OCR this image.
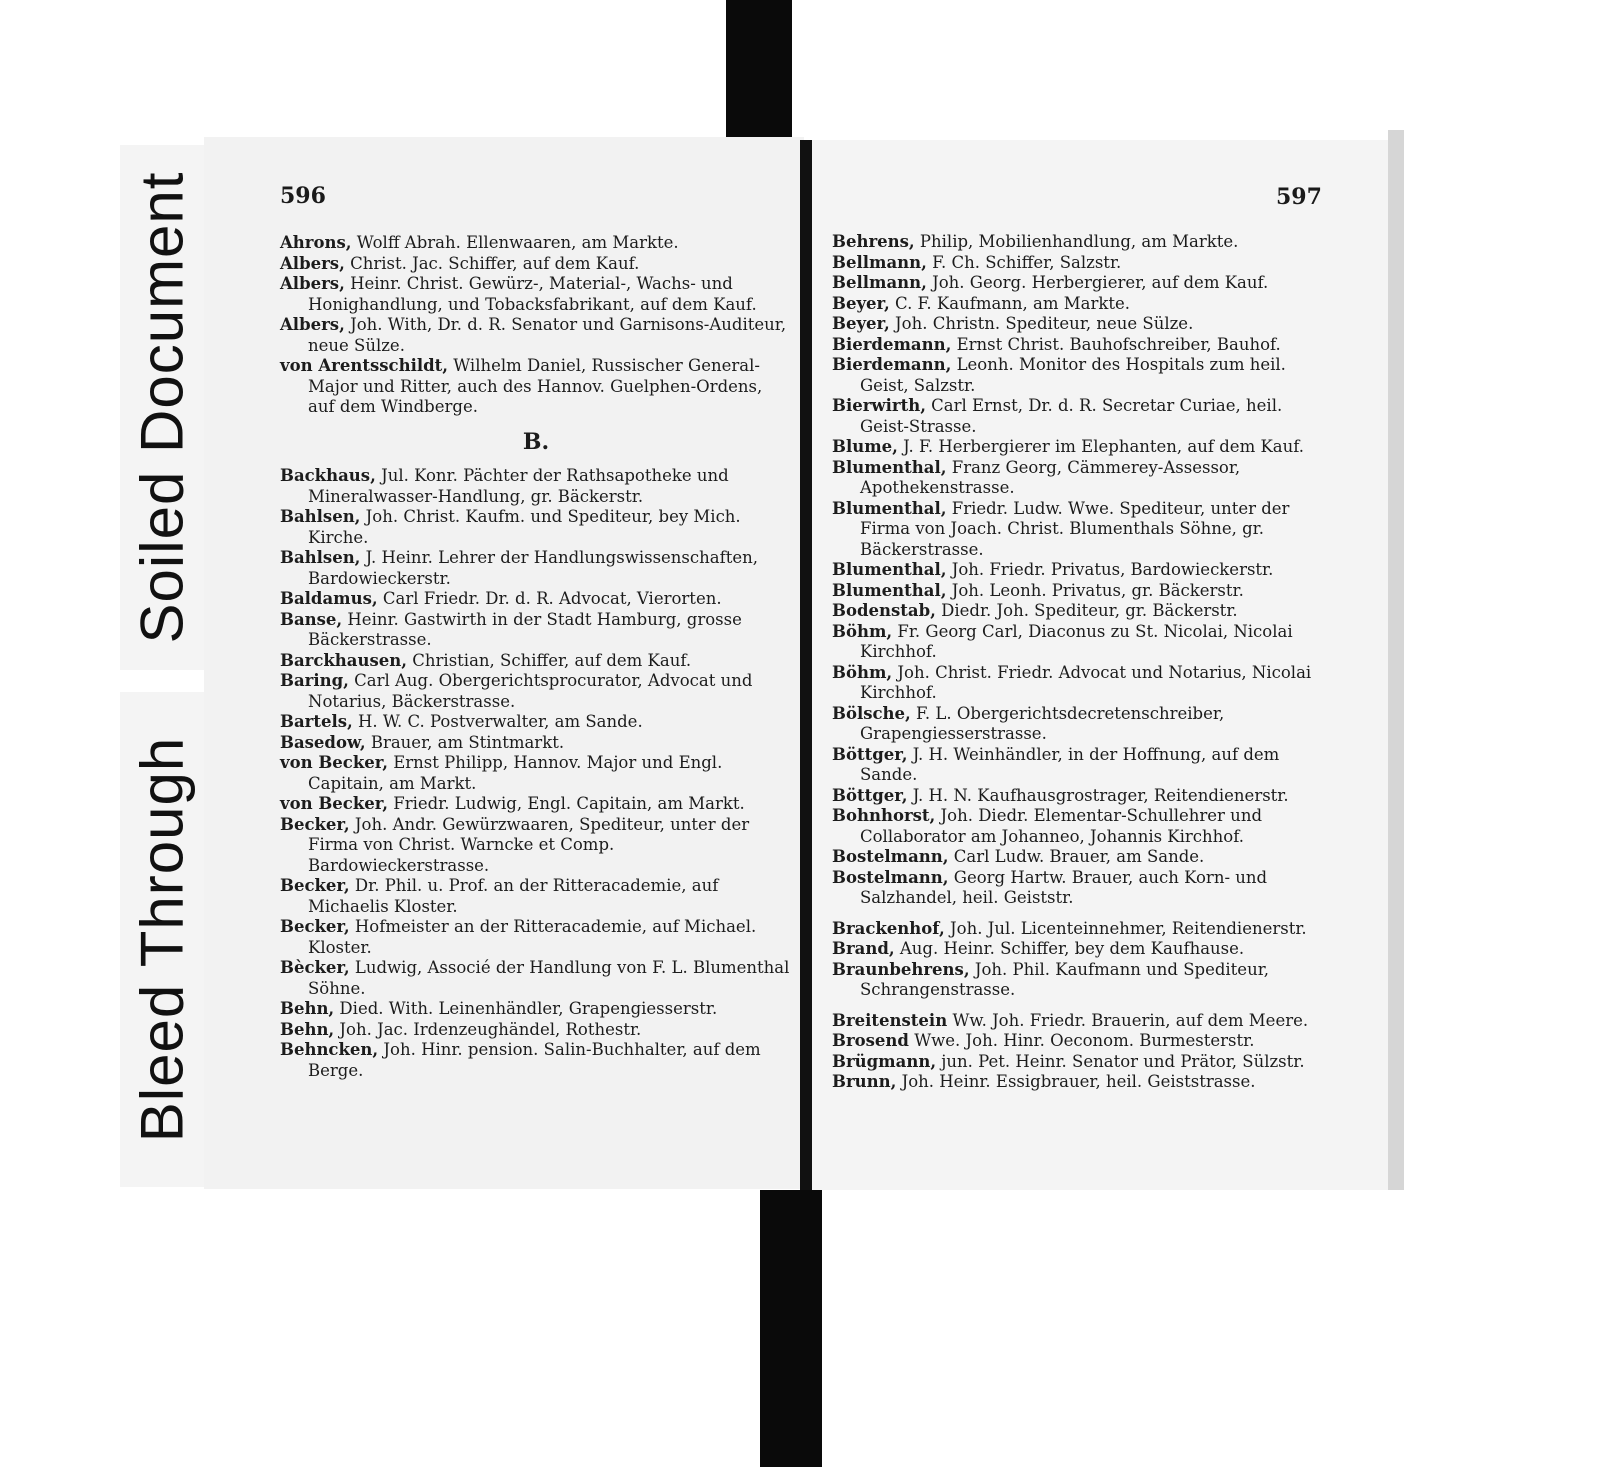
Soiled Document
Bleed Through
596
Ahrons, Wolff Abrah. Ellenwaaren, am Markte.
Albers, Christ. Jac. Schiffer, auf dem Kauf.
Albers, Heinr. Christ. Gewürz-, Material-, Wachs- und Honighandlung, und Tobacksfabrikant, auf dem Kauf.
Albers, Joh. With, Dr. d. R. Senator und Garnisons-Auditeur, neue Sülze.
von Arentsschildt, Wilhelm Daniel, Russischer General-Major und Ritter, auch des Hannov. Guelphen-Ordens, auf dem Windberge.
B.
Backhaus, Jul. Konr. Pächter der Rathsapotheke und Mineralwasser-Handlung, gr. Bäckerstr.
Bahlsen, Joh. Christ. Kaufm. und Spediteur, bey Mich. Kirche.
Bahlsen, J. Heinr. Lehrer der Handlungswissenschaften, Bardowieckerstr.
Baldamus, Carl Friedr. Dr. d. R. Advocat, Vierorten.
Banse, Heinr. Gastwirth in der Stadt Hamburg, grosse Bäckerstrasse.
Barckhausen, Christian, Schiffer, auf dem Kauf.
Baring, Carl Aug. Obergerichtsprocurator, Advocat und Notarius, Bäckerstrasse.
Bartels, H. W. C. Postverwalter, am Sande.
Basedow, Brauer, am Stintmarkt.
von Becker, Ernst Philipp, Hannov. Major und Engl. Capitain, am Markt.
von Becker, Friedr. Ludwig, Engl. Capitain, am Markt.
Becker, Joh. Andr. Gewürzwaaren, Spediteur, unter der Firma von Christ. Warncke et Comp. Bardowieckerstrasse.
Becker, Dr. Phil. u. Prof. an der Ritteracademie, auf Michaelis Kloster.
Becker, Hofmeister an der Ritteracademie, auf Michael. Kloster.
Bècker, Ludwig, Associé der Handlung von F. L. Blumenthal Söhne.
Behn, Died. With. Leinenhändler, Grapengiesserstr.
Behn, Joh. Jac. Irdenzeughändel, Rothestr.
Behncken, Joh. Hinr. pension. Salin-Buchhalter, auf dem Berge.
597
Behrens, Philip, Mobilienhandlung, am Markte.
Bellmann, F. Ch. Schiffer, Salzstr.
Bellmann, Joh. Georg. Herbergierer, auf dem Kauf.
Beyer, C. F. Kaufmann, am Markte.
Beyer, Joh. Christn. Spediteur, neue Sülze.
Bierdemann, Ernst Christ. Bauhofschreiber, Bauhof.
Bierdemann, Leonh. Monitor des Hospitals zum heil. Geist, Salzstr.
Bierwirth, Carl Ernst, Dr. d. R. Secretar Curiae, heil. Geist-Strasse.
Blume, J. F. Herbergierer im Elephanten, auf dem Kauf.
Blumenthal, Franz Georg, Cämmerey-Assessor, Apothekenstrasse.
Blumenthal, Friedr. Ludw. Wwe. Spediteur, unter der Firma von Joach. Christ. Blumenthals Söhne, gr. Bäckerstrasse.
Blumenthal, Joh. Friedr. Privatus, Bardowieckerstr.
Blumenthal, Joh. Leonh. Privatus, gr. Bäckerstr.
Bodenstab, Diedr. Joh. Spediteur, gr. Bäckerstr.
Böhm, Fr. Georg Carl, Diaconus zu St. Nicolai, Nicolai Kirchhof.
Böhm, Joh. Christ. Friedr. Advocat und Notarius, Nicolai Kirchhof.
Bölsche, F. L. Obergerichtsdecretenschreiber, Grapengiesserstrasse.
Böttger, J. H. Weinhändler, in der Hoffnung, auf dem Sande.
Böttger, J. H. N. Kaufhausgrostrager, Reitendienerstr.
Bohnhorst, Joh. Diedr. Elementar-Schullehrer und Collaborator am Johanneo, Johannis Kirchhof.
Bostelmann, Carl Ludw. Brauer, am Sande.
Bostelmann, Georg Hartw. Brauer, auch Korn- und Salzhandel, heil. Geiststr.
Brackenhof, Joh. Jul. Licenteinnehmer, Reitendienerstr.
Brand, Aug. Heinr. Schiffer, bey dem Kaufhause.
Braunbehrens, Joh. Phil. Kaufmann und Spediteur, Schrangenstrasse.
Breitenstein Ww. Joh. Friedr. Brauerin, auf dem Meere.
Brosend Wwe. Joh. Hinr. Oeconom. Burmesterstr.
Brügmann, jun. Pet. Heinr. Senator und Prätor, Sülzstr.
Brunn, Joh. Heinr. Essigbrauer, heil. Geiststrasse.
